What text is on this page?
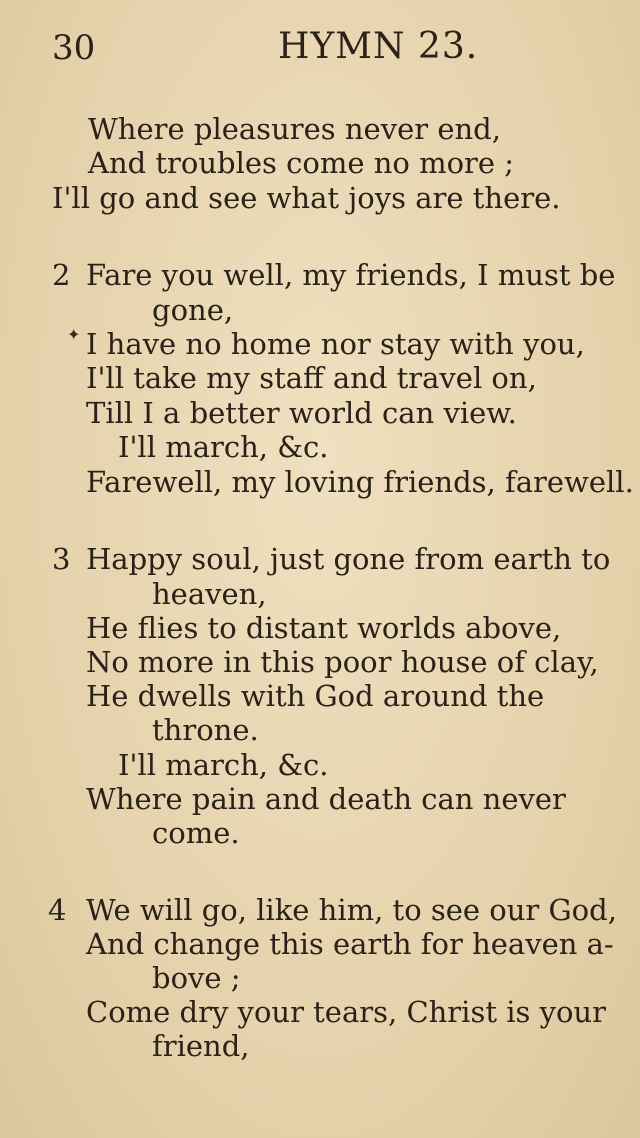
30	HYMN 23.
Where pleasures never end,
And troubles come no more ;
I'll go and see what joys are there.
2 Fare you well, my friends, I must be
gone,
✦ I have no home nor stay with you,
I'll take my staff and travel on,
Till I a better world can view.
I'll march, &c.
Farewell, my loving friends, farewell.
3 Happy soul, just gone from earth to
heaven,
He flies to distant worlds above,
No more in this poor house of clay,
He dwells with God around the
throne.
I'll march, &c.
Where pain and death can never
come.
4 We will go, like him, to see our God,
And change this earth for heaven a-
bove ;
Come dry your tears, Christ is your
friend,
